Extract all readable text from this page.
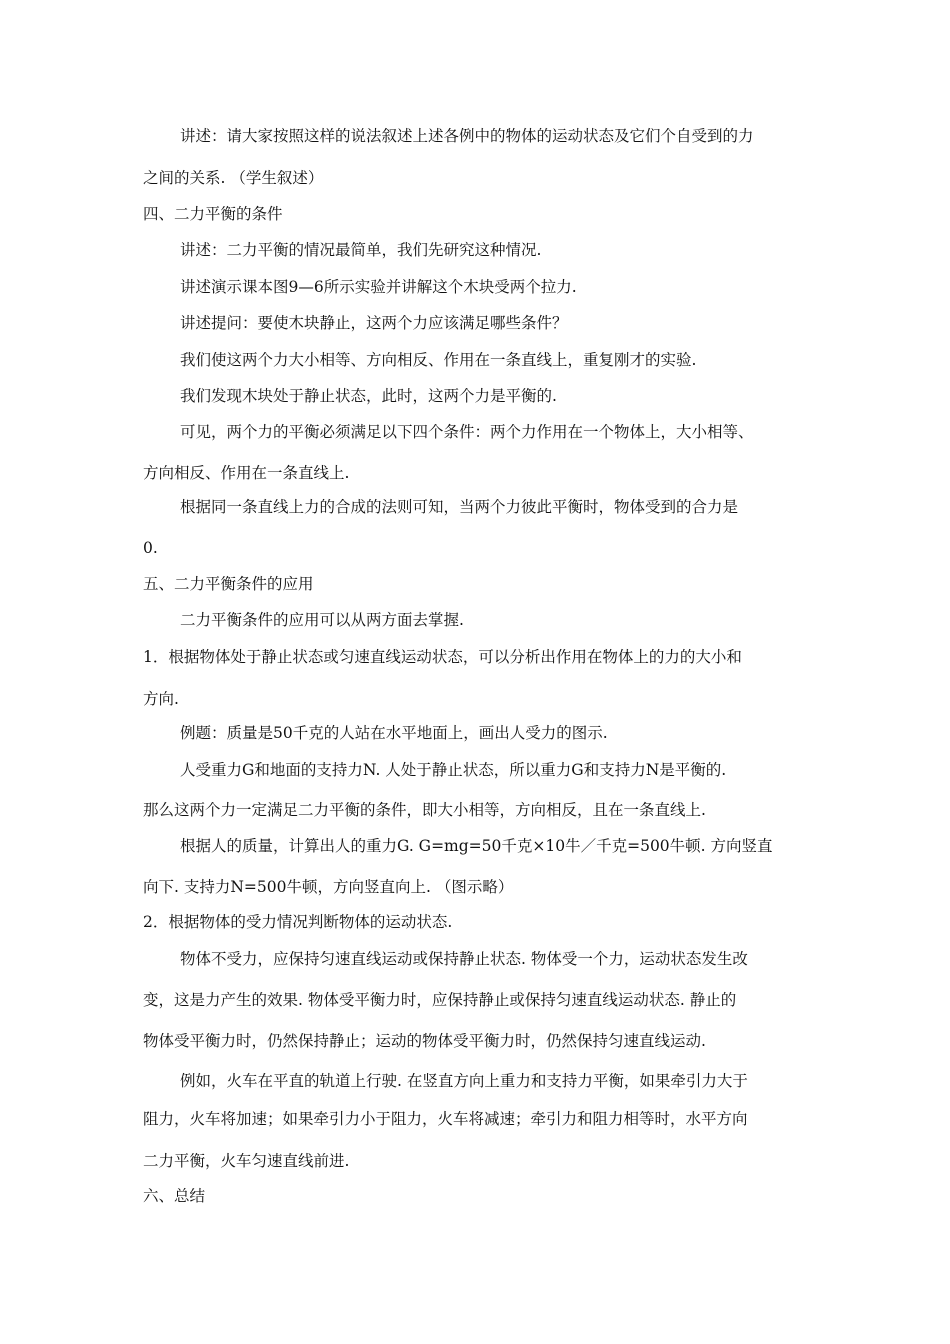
讲述：请大家按照这样的说法叙述上述各例中的物体的运动状态及它们个自受到的力
之间的关系. （学生叙述）
四、二力平衡的条件
讲述：二力平衡的情况最简单，我们先研究这种情况.
讲述演示课本图9—6所示实验并讲解这个木块受两个拉力.
讲述提问：要使木块静止，这两个力应该满足哪些条件？
我们使这两个力大小相等、方向相反、作用在一条直线上，重复刚才的实验.
我们发现木块处于静止状态，此时，这两个力是平衡的.
可见，两个力的平衡必须满足以下四个条件：两个力作用在一个物体上，大小相等、
方向相反、作用在一条直线上.
根据同一条直线上力的合成的法则可知，当两个力彼此平衡时，物体受到的合力是
0.
五、二力平衡条件的应用
二力平衡条件的应用可以从两方面去掌握.
1．根据物体处于静止状态或匀速直线运动状态，可以分析出作用在物体上的力的大小和
方向.
例题：质量是50千克的人站在水平地面上，画出人受力的图示.
人受重力G和地面的支持力N. 人处于静止状态，所以重力G和支持力N是平衡的.
那么这两个力一定满足二力平衡的条件，即大小相等，方向相反，且在一条直线上.
根据人的质量，计算出人的重力G. G=mg=50千克×10牛／千克=500牛顿. 方向竖直
向下. 支持力N=500牛顿，方向竖直向上. （图示略）
2．根据物体的受力情况判断物体的运动状态.
物体不受力，应保持匀速直线运动或保持静止状态. 物体受一个力，运动状态发生改
变，这是力产生的效果. 物体受平衡力时，应保持静止或保持匀速直线运动状态. 静止的
物体受平衡力时，仍然保持静止；运动的物体受平衡力时，仍然保持匀速直线运动.
例如，火车在平直的轨道上行驶. 在竖直方向上重力和支持力平衡，如果牵引力大于
阻力，火车将加速；如果牵引力小于阻力，火车将减速；牵引力和阻力相等时，水平方向
二力平衡，火车匀速直线前进.
六、总结
